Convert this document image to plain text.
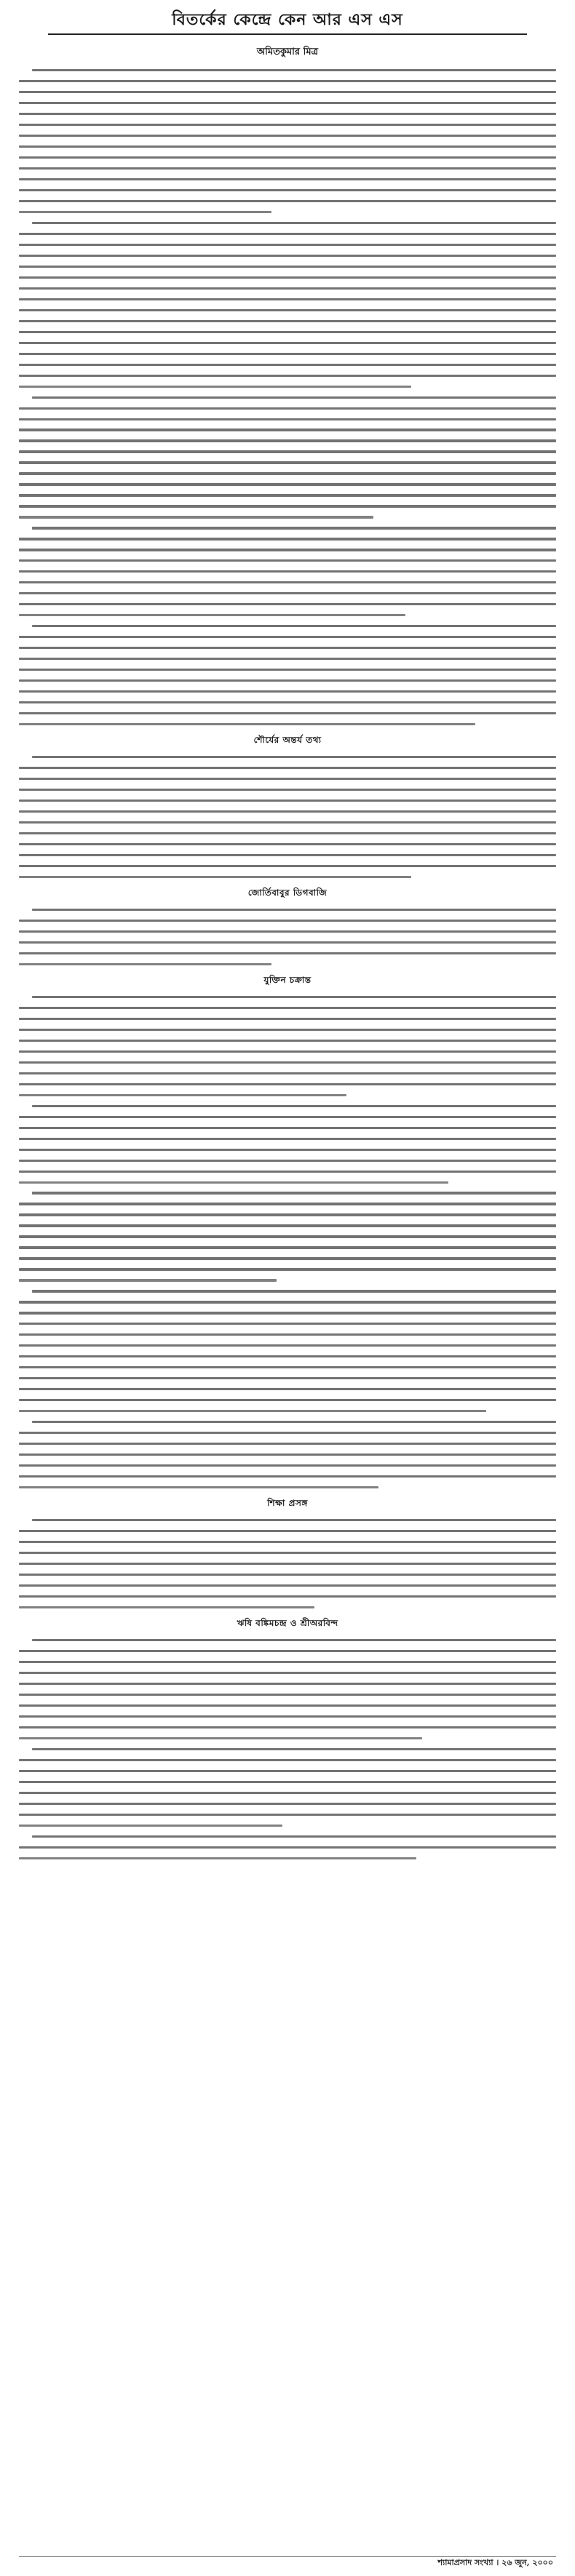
বিতর্কের কেন্দ্রে কেন আর এস এস
অমিতকুমার মিত্র
শৌর্যের অন্তর্য তথ্য
জোর্তিবাবুর ডিগবাজি
যুক্তিন চক্রান্ত
শিক্ষা প্রসঙ্গ
ঋষি বঙ্কিমচন্দ্র ও শ্রীঅরবিন্দ
শ্যামাপ্রসাদ সংখ্যা । ২৬ জুন, ২০০০
